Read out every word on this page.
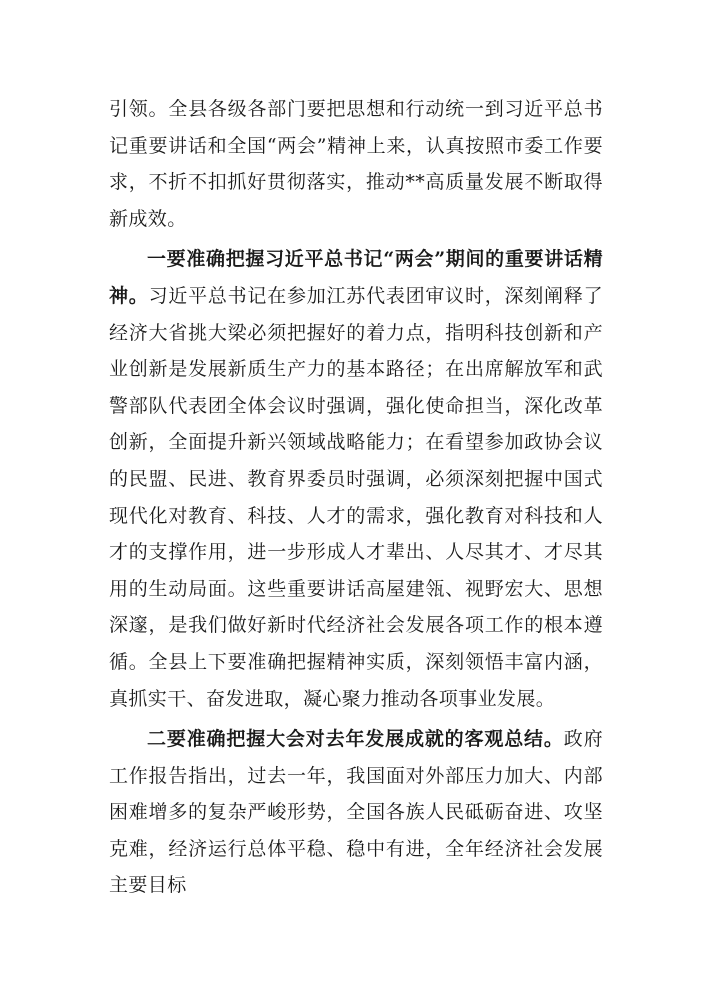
引领。全县各级各部门要把思想和行动统一到习近平总书记重要讲话和全国“两会”精神上来，认真按照市委工作要求，不折不扣抓好贯彻落实，推动**高质量发展不断取得新成效。

一要准确把握习近平总书记“两会”期间的重要讲话精神。习近平总书记在参加江苏代表团审议时，深刻阐释了经济大省挑大梁必须把握好的着力点，指明科技创新和产业创新是发展新质生产力的基本路径；在出席解放军和武警部队代表团全体会议时强调，强化使命担当，深化改革创新，全面提升新兴领域战略能力；在看望参加政协会议的民盟、民进、教育界委员时强调，必须深刻把握中国式现代化对教育、科技、人才的需求，强化教育对科技和人才的支撑作用，进一步形成人才辈出、人尽其才、才尽其用的生动局面。这些重要讲话高屋建瓴、视野宏大、思想深邃，是我们做好新时代经济社会发展各项工作的根本遵循。全县上下要准确把握精神实质，深刻领悟丰富内涵，真抓实干、奋发进取，凝心聚力推动各项事业发展。

二要准确把握大会对去年发展成就的客观总结。政府工作报告指出，过去一年，我国面对外部压力加大、内部困难增多的复杂严峻形势，全国各族人民砥砺奋进、攻坚克难，经济运行总体平稳、稳中有进，全年经济社会发展主要目标
